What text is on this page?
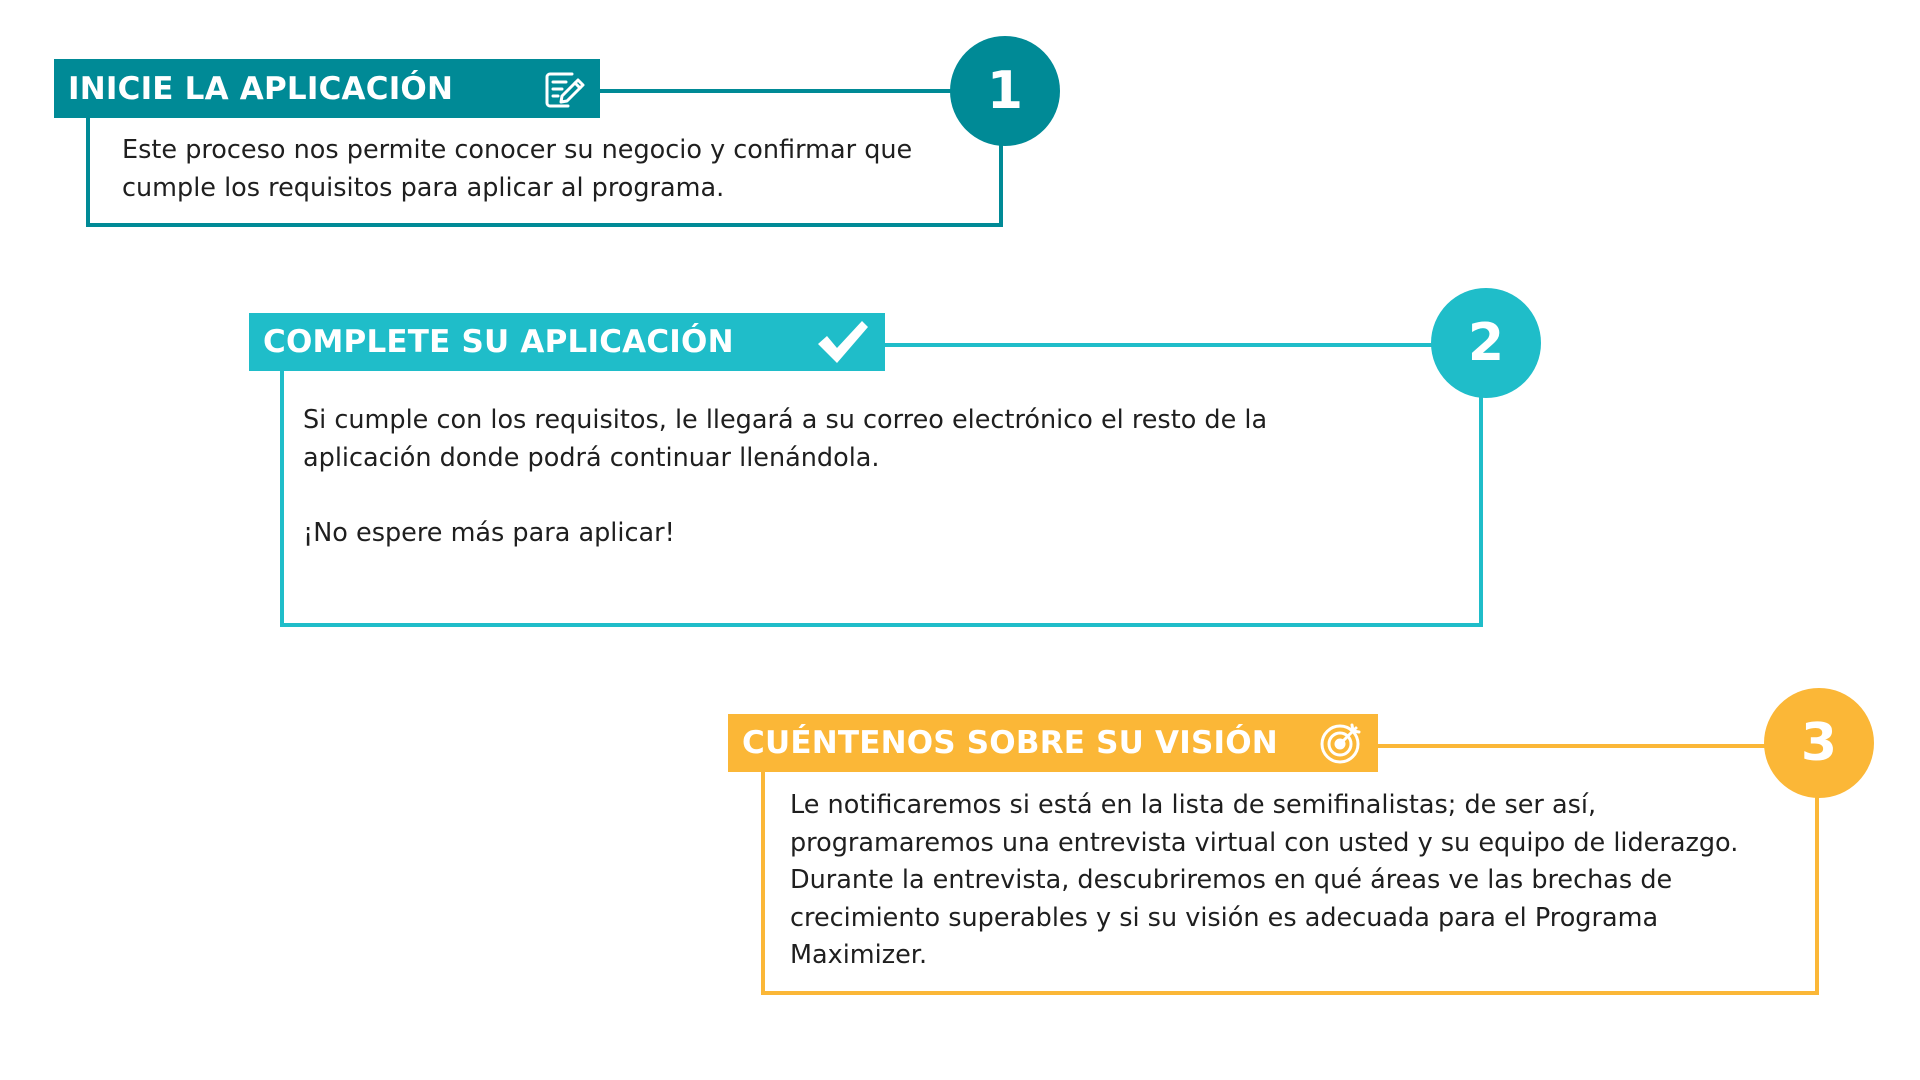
INICIE LA APLICACIÓN	1

Este proceso nos permite conocer su negocio y confirmar que cumple los requisitos para aplicar al programa.

COMPLETE SU APLICACIÓN	2

Si cumple con los requisitos, le llegará a su correo electrónico el resto de la aplicación donde podrá continuar llenándola.

¡No espere más para aplicar!

CUÉNTENOS SOBRE SU VISIÓN	3

Le notificaremos si está en la lista de semifinalistas; de ser así, programaremos una entrevista virtual con usted y su equipo de liderazgo. Durante la entrevista, descubriremos en qué áreas ve las brechas de crecimiento superables y si su visión es adecuada para el Programa Maximizer.
